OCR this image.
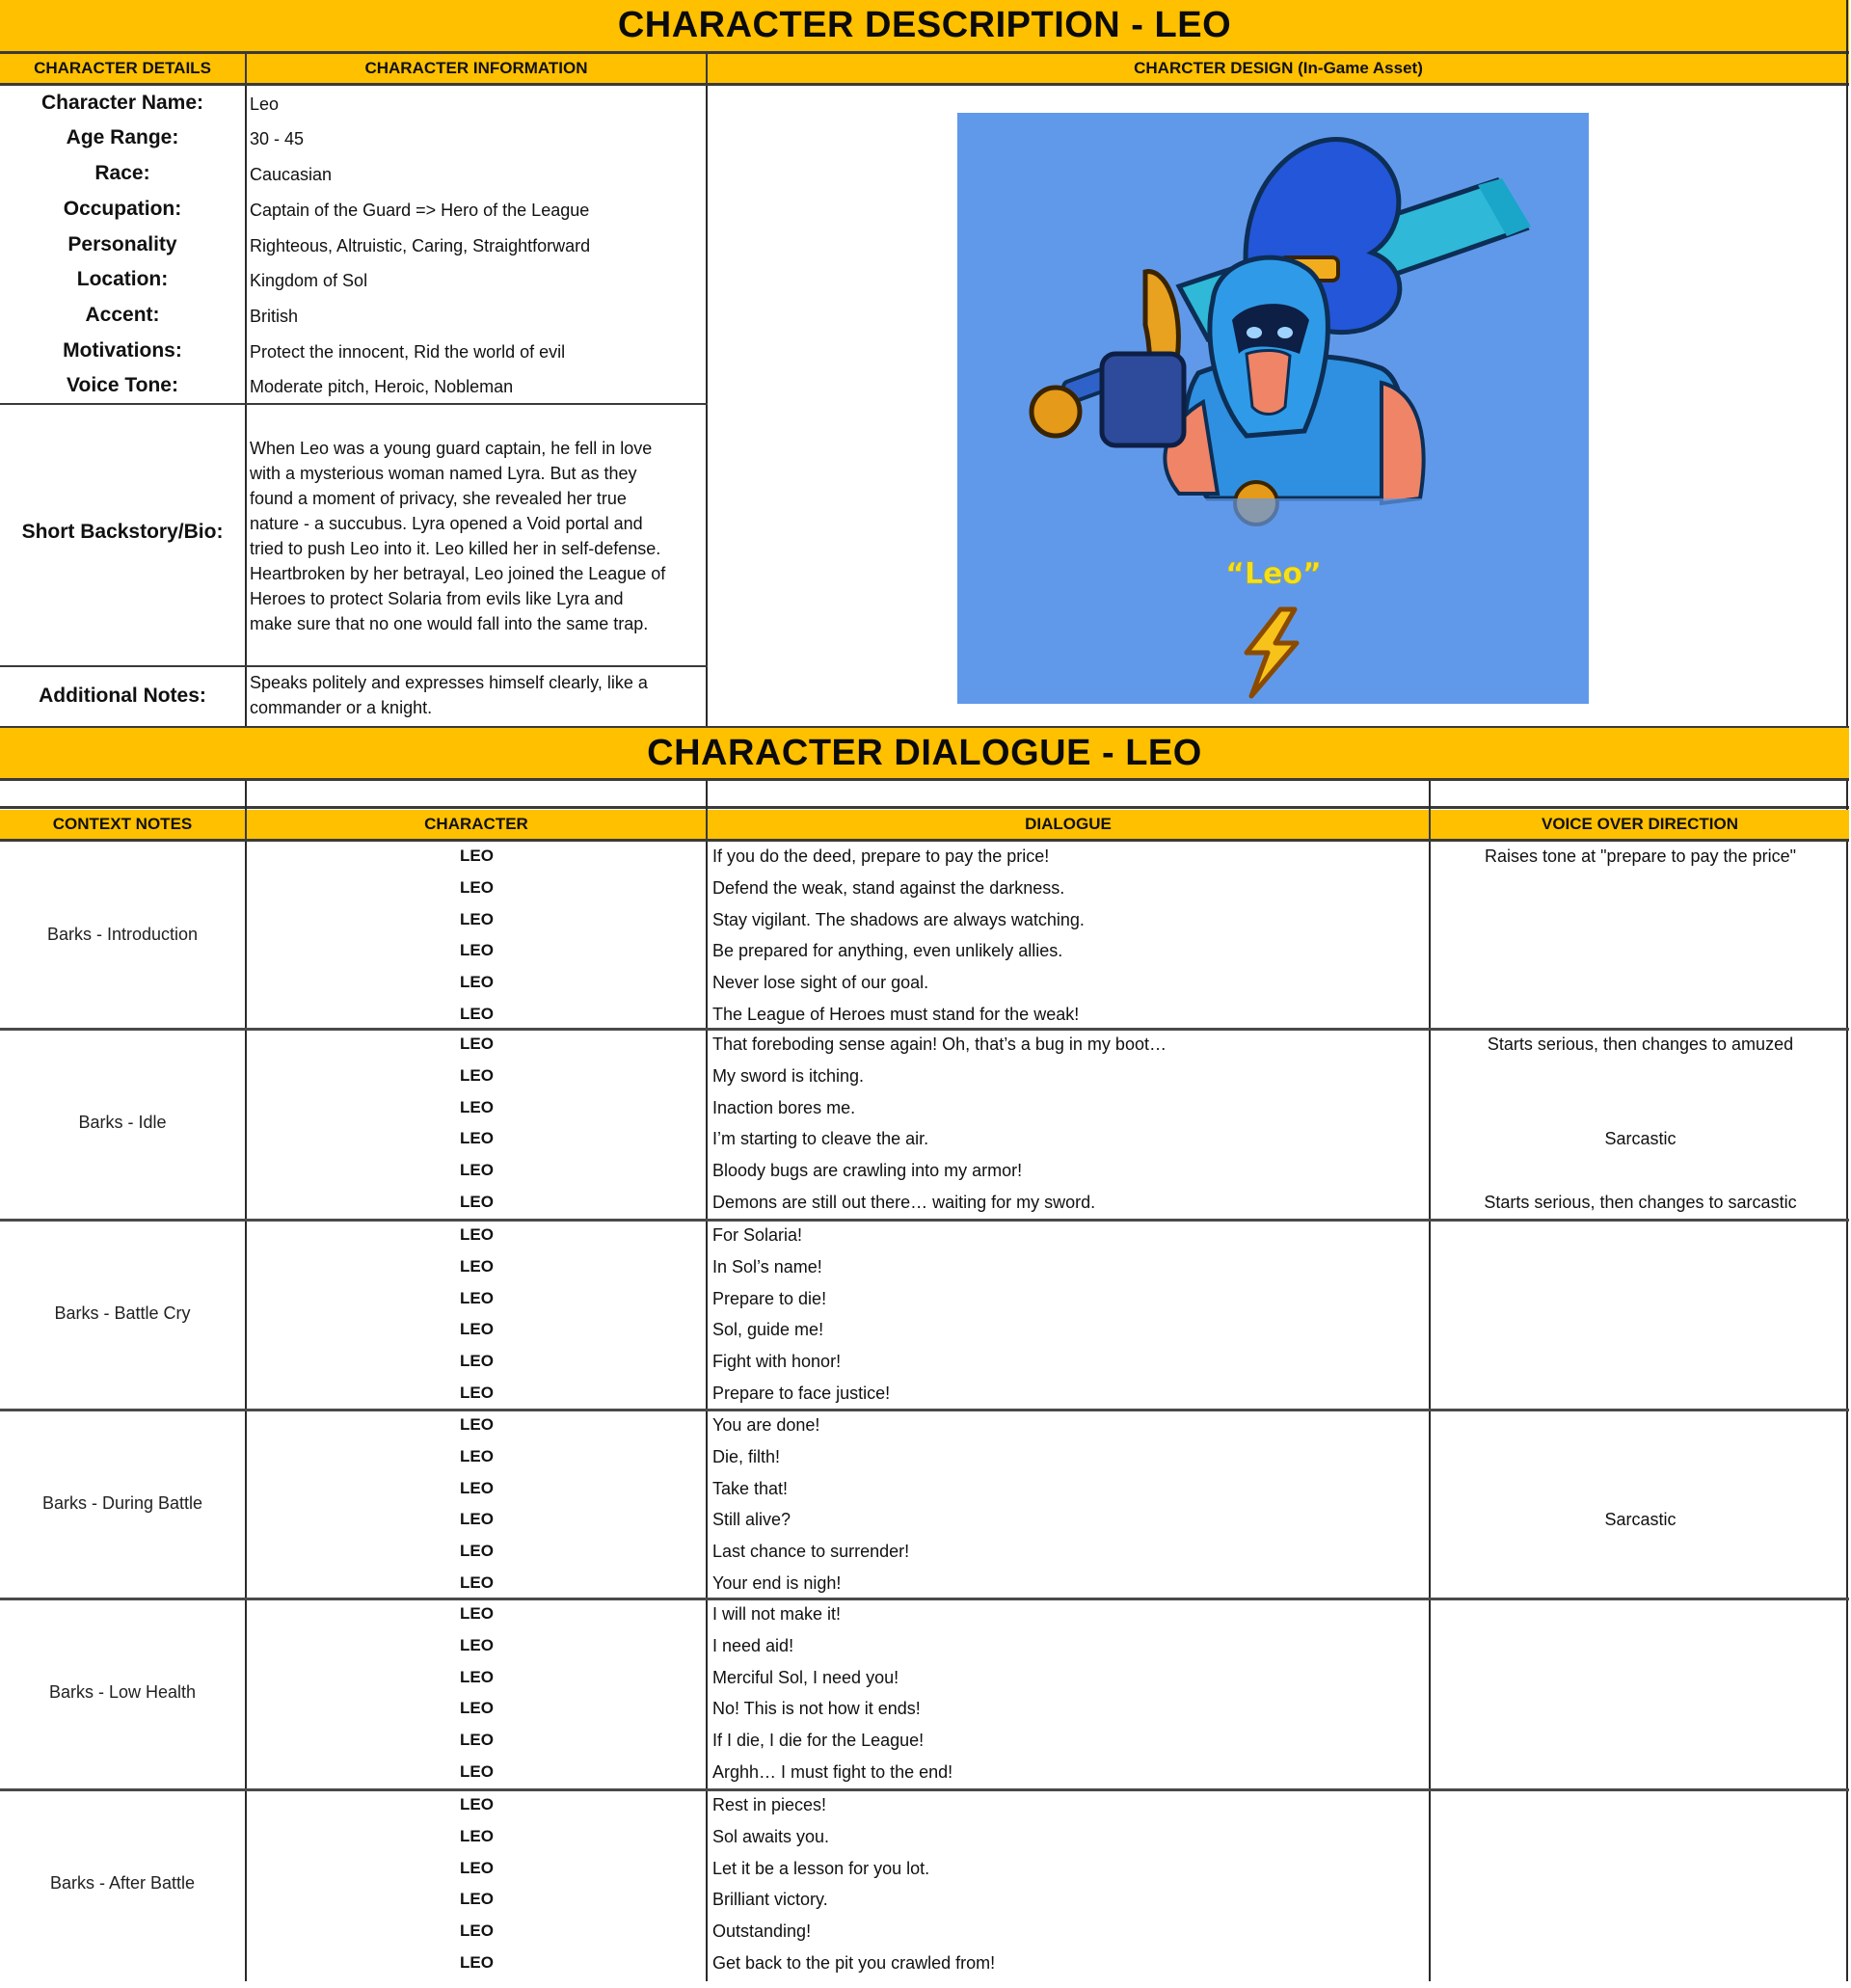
CHARACTER DESCRIPTION - LEO
CHARACTER DETAILS	CHARACTER INFORMATION	CHARCTER DESIGN (In-Game Asset)
Character Name:	Leo
Age Range:	30 - 45
Race:	Caucasian
Occupation:	Captain of the Guard => Hero of the League
Personality	Righteous, Altruistic, Caring, Straightforward
Location:	Kingdom of Sol
Accent:	British
Motivations:	Protect the innocent, Rid the world of evil
Voice Tone:	Moderate pitch, Heroic, Nobleman
Short Backstory/Bio:
When Leo was a young guard captain, he fell in love
with a mysterious woman named Lyra. But as they
found a moment of privacy, she revealed her true
nature - a succubus. Lyra opened a Void portal and
tried to push Leo into it. Leo killed her in self-defense.
Heartbroken by her betrayal, Leo joined the League of
Heroes to protect Solaria from evils like Lyra and
make sure that no one would fall into the same trap.
Additional Notes:
Speaks politely and expresses himself clearly, like a
commander or a knight.
“Leo”
CHARACTER DIALOGUE - LEO
CONTEXT NOTES	CHARACTER	DIALOGUE	VOICE OVER DIRECTION
Barks - Introduction
LEO	If you do the deed, prepare to pay the price!	Raises tone at "prepare to pay the price"
LEO	Defend the weak, stand against the darkness.
LEO	Stay vigilant. The shadows are always watching.
LEO	Be prepared for anything, even unlikely allies.
LEO	Never lose sight of our goal.
LEO	The League of Heroes must stand for the weak!
Barks - Idle
LEO	That foreboding sense again! Oh, that’s a bug in my boot…	Starts serious, then changes to amuzed
LEO	My sword is itching.
LEO	Inaction bores me.
LEO	I’m starting to cleave the air.	Sarcastic
LEO	Bloody bugs are crawling into my armor!
LEO	Demons are still out there… waiting for my sword.	Starts serious, then changes to sarcastic
Barks - Battle Cry
LEO	For Solaria!
LEO	In Sol’s name!
LEO	Prepare to die!
LEO	Sol, guide me!
LEO	Fight with honor!
LEO	Prepare to face justice!
Barks - During Battle
LEO	You are done!
LEO	Die, filth!
LEO	Take that!
LEO	Still alive?	Sarcastic
LEO	Last chance to surrender!
LEO	Your end is nigh!
Barks - Low Health
LEO	I will not make it!
LEO	I need aid!
LEO	Merciful Sol, I need you!
LEO	No! This is not how it ends!
LEO	If I die, I die for the League!
LEO	Arghh… I must fight to the end!
Barks - After Battle
LEO	Rest in pieces!
LEO	Sol awaits you.
LEO	Let it be a lesson for you lot.
LEO	Brilliant victory.
LEO	Outstanding!
LEO	Get back to the pit you crawled from!
